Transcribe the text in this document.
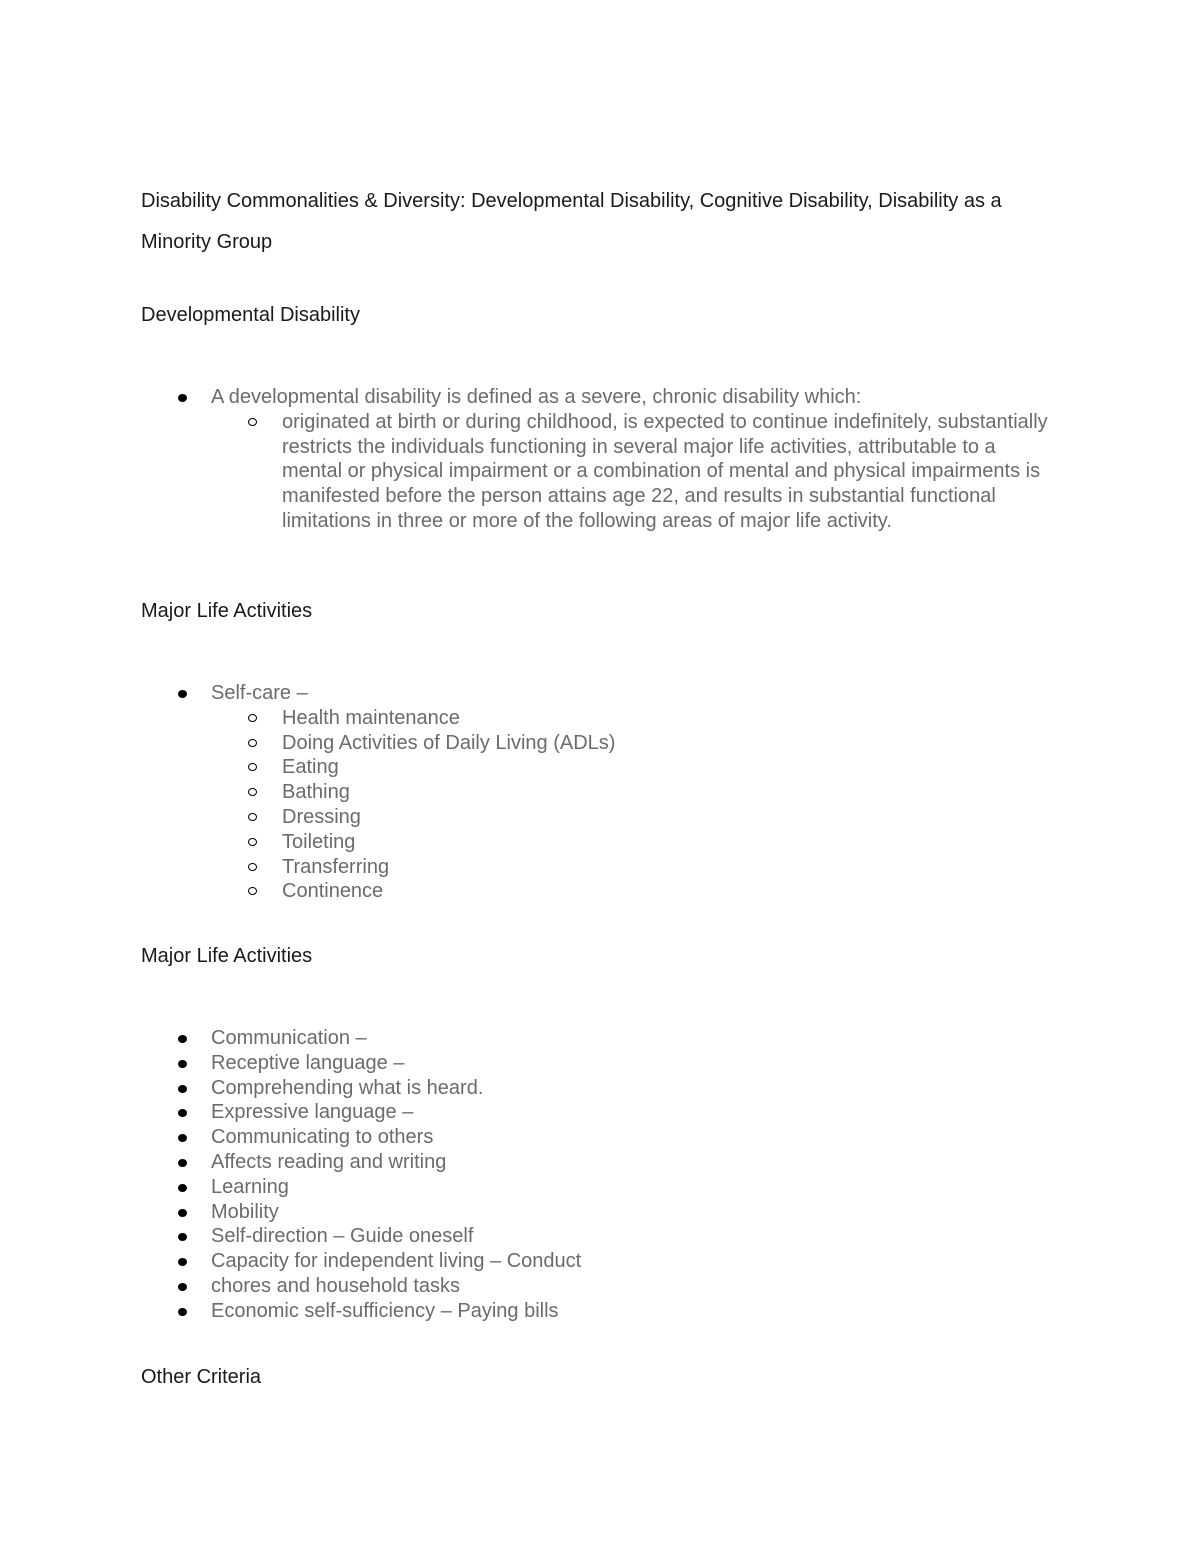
Disability Commonalities & Diversity: Developmental Disability, Cognitive Disability, Disability as a Minority Group
Developmental Disability
A developmental disability is defined as a severe, chronic disability which:
originated at birth or during childhood, is expected to continue indefinitely, substantially restricts the individuals functioning in several major life activities, attributable to a mental or physical impairment or a combination of mental and physical impairments is manifested before the person attains age 22, and results in substantial functional limitations in three or more of the following areas of major life activity.
Major Life Activities
Self-care –
Health maintenance
Doing Activities of Daily Living (ADLs)
Eating
Bathing
Dressing
Toileting
Transferring
Continence
Major Life Activities
Communication –
Receptive language –
Comprehending what is heard.
Expressive language –
Communicating to others
Affects reading and writing
Learning
Mobility
Self-direction – Guide oneself
Capacity for independent living – Conduct
chores and household tasks
Economic self-sufficiency – Paying bills
Other Criteria
